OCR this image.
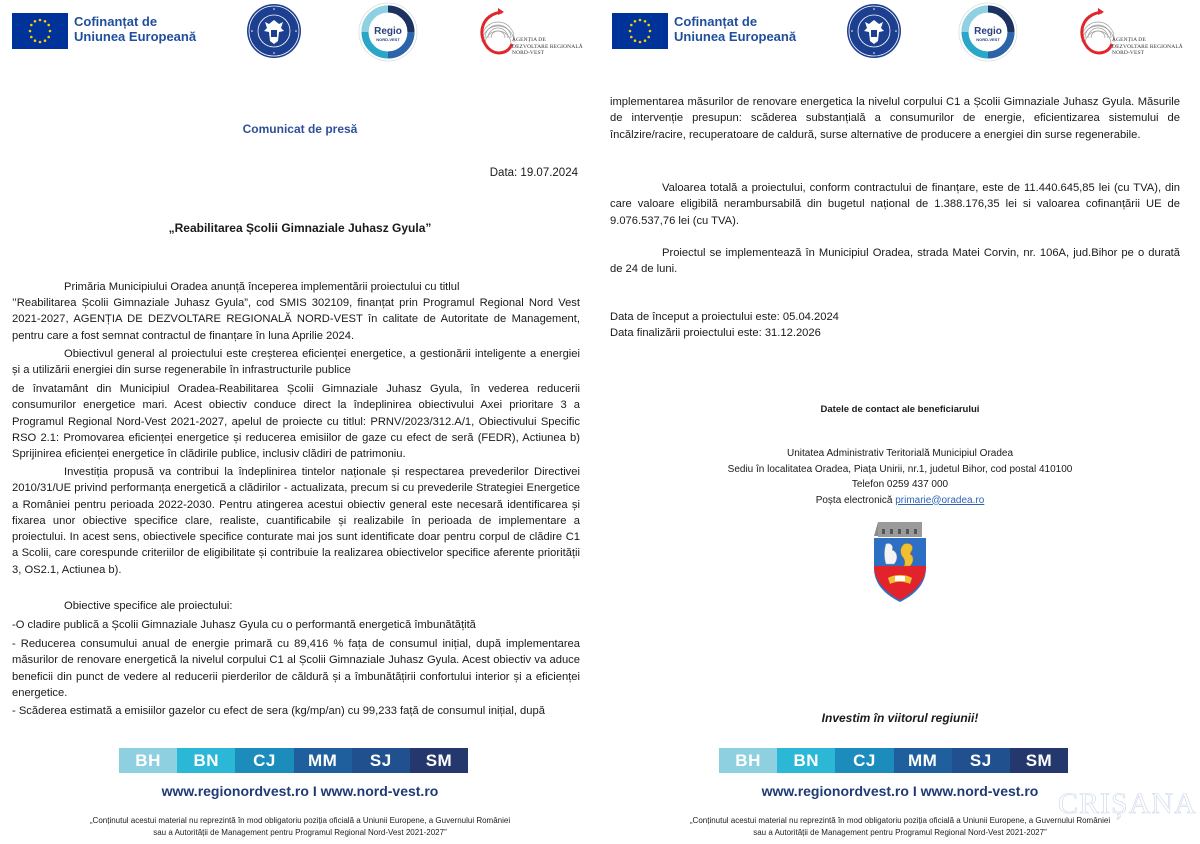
Cofinanțat de
Uniunea Europeană	Regio
NORD-VEST	AGENȚIA DE
DEZVOLTARE REGIONALĂ
NORD-VEST
Comunicat de presă
Data: 19.07.2024
„Reabilitarea Școlii Gimnaziale Juhasz Gyula”
Primăria Municipiului Oradea anunță începerea implementării proiectului cu titlul
’’Reabilitarea Școlii Gimnaziale Juhasz Gyula”, cod SMIS 302109, finanțat prin Programul Regional Nord Vest 2021-2027, AGENȚIA DE DEZVOLTARE REGIONALĂ NORD-VEST în calitate de Autoritate de Management, pentru care a fost semnat contractul de finanțare în luna Aprilie 2024.
Obiectivul general al proiectului este creșterea eficienței energetice, a gestionării inteligente a energiei și a utilizării energiei din surse regenerabile în infrastructurile publice
de învatamânt din Municipiul Oradea-Reabilitarea Școlii Gimnaziale Juhasz Gyula, în vederea reducerii consumurilor energetice mari. Acest obiectiv conduce direct la îndeplinirea obiectivului Axei prioritare 3 a Programul Regional Nord-Vest 2021-2027, apelul de proiecte cu titlul: PRNV/2023/312.A/1, Obiectivului Specific RSO 2.1: Promovarea eficienței energetice și reducerea emisiilor de gaze cu efect de seră (FEDR), Actiunea b) Sprijinirea eficienței energetice în clădirile publice, inclusiv clădiri de patrimoniu.
Investiția propusă va contribui la îndeplinirea tintelor naționale și respectarea prevederilor Directivei 2010/31/UE privind performanța energetică a clădirilor - actualizata, precum si cu prevederile Strategiei Energetice a României pentru perioada 2022-2030. Pentru atingerea acestui obiectiv general este necesară identificarea și fixarea unor obiective specifice clare, realiste, cuantificabile și realizabile în perioada de implementare a proiectului. In acest sens, obiectivele specifice conturate mai jos sunt identificate doar pentru corpul de clădire C1 a Scolii, care corespunde criteriilor de eligibilitate și contribuie la realizarea obiectivelor specifice aferente priorității 3, OS2.1, Actiunea b).
Obiective specifice ale proiectului:
-O cladire publică a Școlii Gimnaziale Juhasz Gyula cu o performantă energetică îmbunătățită
- Reducerea consumului anual de energie primară cu 89,416 % fața de consumul inițial, după implementarea măsurilor de renovare energetică la nivelul corpului C1 al Școlii Gimnaziale Juhasz Gyula. Acest obiectiv va aduce beneficii din punct de vedere al reducerii pierderilor de căldură și a îmbunătățirii confortului interior și a eficienței energetice.
- Scăderea estimată a emisiilor gazelor cu efect de sera (kg/mp/an) cu 99,233 față de consumul inițial, după
BH	BN	CJ	MM	SJ	SM
www.regionordvest.ro I www.nord-vest.ro
„Conținutul acestui material nu reprezintă în mod obligatoriu poziția oficială a Uniunii Europene, a Guvernului României
sau a Autorității de Management pentru Programul Regional Nord-Vest 2021-2027”
Cofinanțat de
Uniunea Europeană	Regio
NORD-VEST	AGENȚIA DE
DEZVOLTARE REGIONALĂ
NORD-VEST
implementarea măsurilor de renovare energetica la nivelul corpului C1 a Școlii Gimnaziale Juhasz Gyula. Măsurile de intervenție presupun: scăderea substanțială a consumurilor de energie, eficientizarea sistemului de încălzire/racire, recuperatoare de caldură, surse alternative de producere a energiei din surse regenerabile.
Valoarea totală a proiectului, conform contractului de finanțare, este de 11.440.645,85 lei (cu TVA), din care valoare eligibilă nerambursabilă din bugetul național de 1.388.176,35 lei si valoarea cofinanțării UE de 9.076.537,76 lei (cu TVA).
Proiectul se implementează în Municipiul Oradea, strada Matei Corvin, nr. 106A, jud.Bihor pe o durată de 24 de luni.
Data de început a proiectului este: 05.04.2024
Data finalizării proiectului este: 31.12.2026
Datele de contact ale beneficiarului
Unitatea Administrativ Teritorială Municipiul Oradea
Sediu în localitatea Oradea, Piața Unirii, nr.1, judetul Bihor, cod postal 410100
Telefon 0259 437 000
Poșta electronică primarie@oradea.ro
Investim în viitorul regiunii!
BH	BN	CJ	MM	SJ	SM
www.regionordvest.ro I www.nord-vest.ro
„Conținutul acestui material nu reprezintă în mod obligatoriu poziția oficială a Uniunii Europene, a Guvernului României
sau a Autorității de Management pentru Programul Regional Nord-Vest 2021-2027”
CRIȘANA
